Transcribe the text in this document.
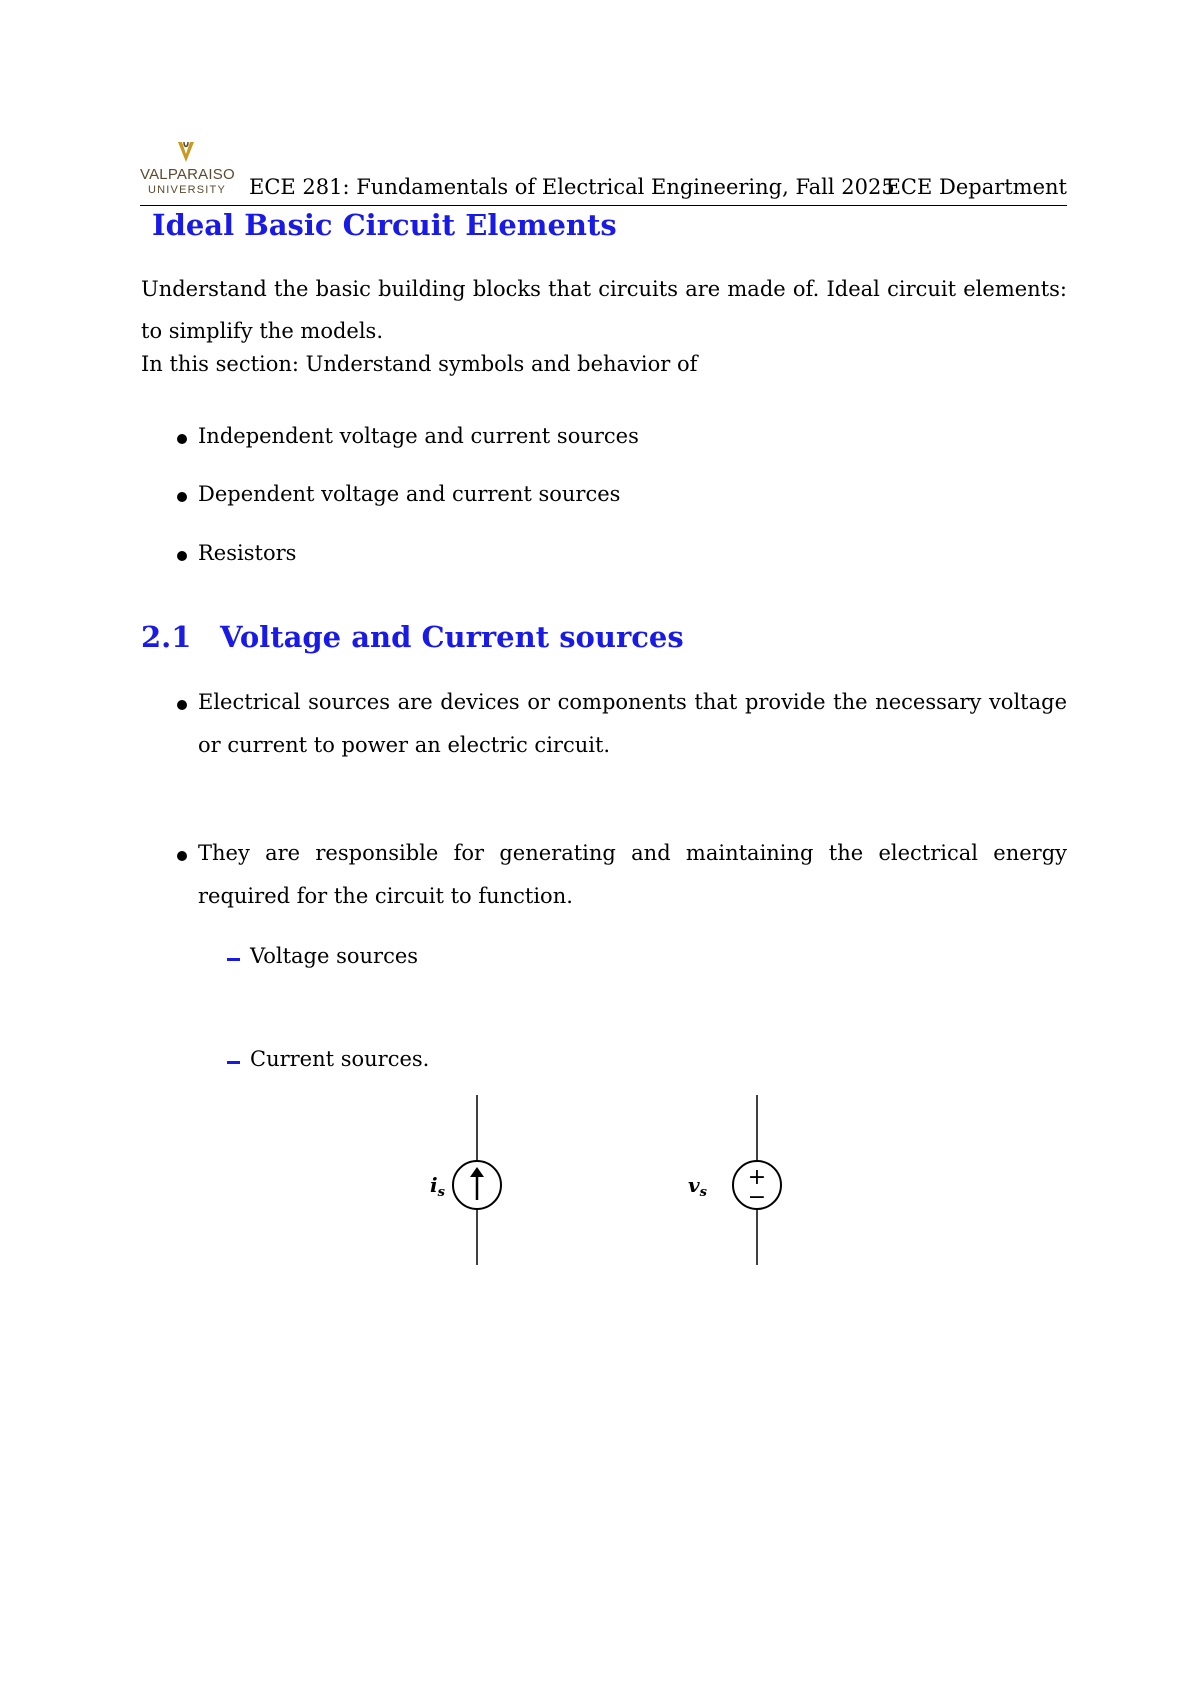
VALPARAISO
UNIVERSITY ECE 281: Fundamentals of Electrical Engineering, Fall 2025
ECE Department
Ideal Basic Circuit Elements
Understand the basic building blocks that circuits are made of. Ideal circuit elements: to simplify the models.
In this section: Understand symbols and behavior of
Independent voltage and current sources
Dependent voltage and current sources
Resistors
2.1 Voltage and Current sources
Electrical sources are devices or components that provide the necessary voltage or current to power an electric circuit.
They are responsible for generating and maintaining the electrical energy required for the circuit to function.
Voltage sources
Current sources.
$i_s$
+
−
$v_s$
